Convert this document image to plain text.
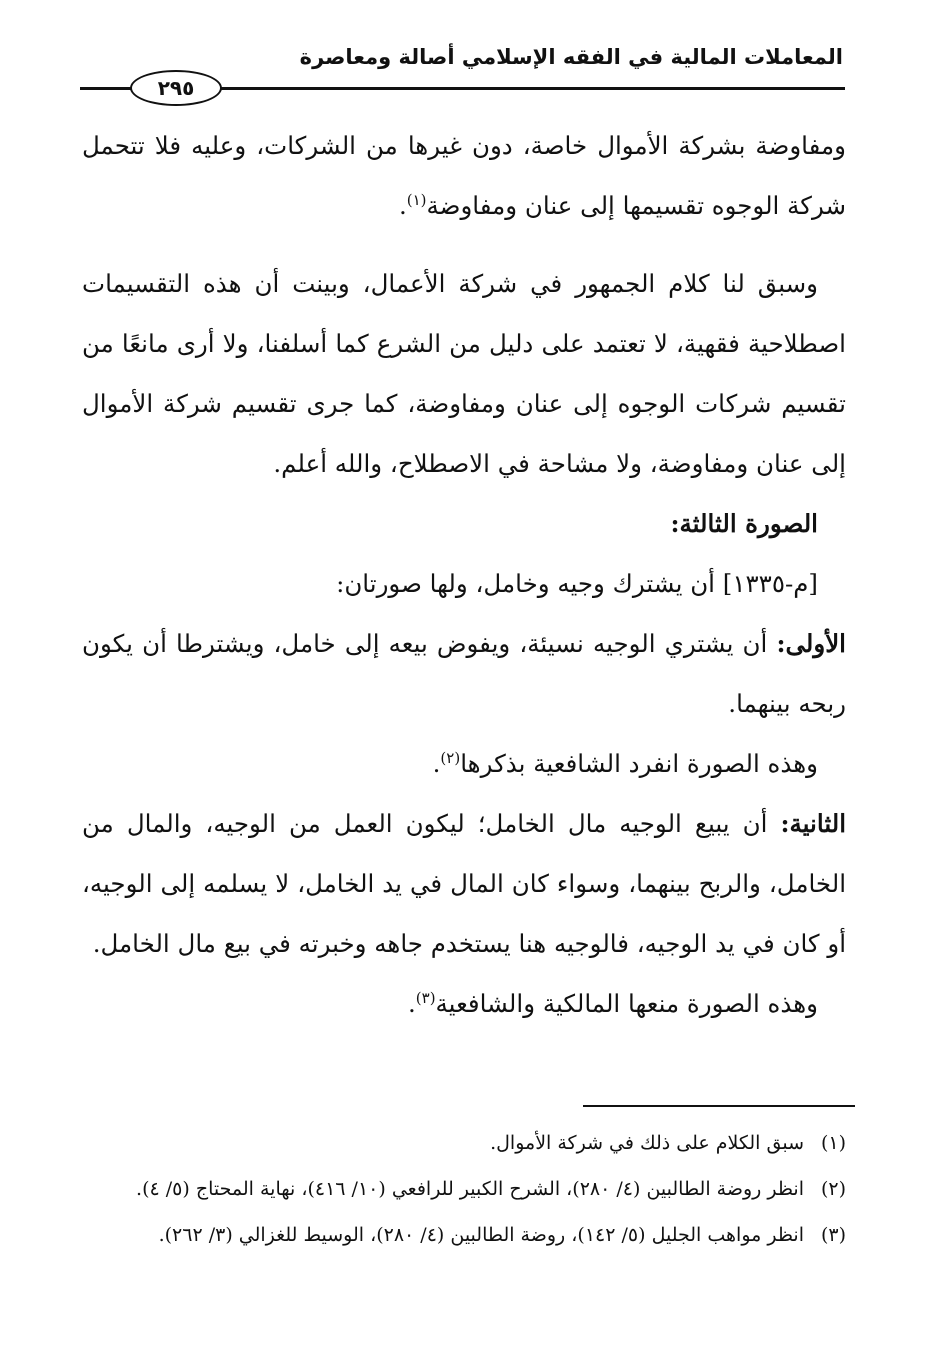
المعاملات المالية في الفقه الإسلامي أصالة ومعاصرة
٢٩٥

ومفاوضة بشركة الأموال خاصة، دون غيرها من الشركات، وعليه فلا تتحمل شركة الوجوه تقسيمها إلى عنان ومفاوضة$^{(١)}$.

وسبق لنا كلام الجمهور في شركة الأعمال، وبينت أن هذه التقسيمات اصطلاحية فقهية، لا تعتمد على دليل من الشرع كما أسلفنا، ولا أرى مانعًا من تقسيم شركات الوجوه إلى عنان ومفاوضة، كما جرى تقسيم شركة الأموال إلى عنان ومفاوضة، ولا مشاحة في الاصطلاح، والله أعلم.

الصورة الثالثة:

[م-١٣٣٥] أن يشترك وجيه وخامل، ولها صورتان:

الأولى: أن يشتري الوجيه نسيئة، ويفوض بيعه إلى خامل، ويشترطا أن يكون ربحه بينهما.

وهذه الصورة انفرد الشافعية بذكرها$^{(٢)}$.

الثانية: أن يبيع الوجيه مال الخامل؛ ليكون العمل من الوجيه، والمال من الخامل، والربح بينهما، وسواء كان المال في يد الخامل، لا يسلمه إلى الوجيه، أو كان في يد الوجيه، فالوجيه هنا يستخدم جاهه وخبرته في بيع مال الخامل.

وهذه الصورة منعها المالكية والشافعية$^{(٣)}$.

(١)
سبق الكلام على ذلك في شركة الأموال.

(٢)
انظر روضة الطالبين (٤/ ٢٨٠)، الشرح الكبير للرافعي (١٠/ ٤١٦)، نهاية المحتاج (٥/ ٤).

(٣)
انظر مواهب الجليل (٥/ ١٤٢)، روضة الطالبين (٤/ ٢٨٠)، الوسيط للغزالي (٣/ ٢٦٢).
